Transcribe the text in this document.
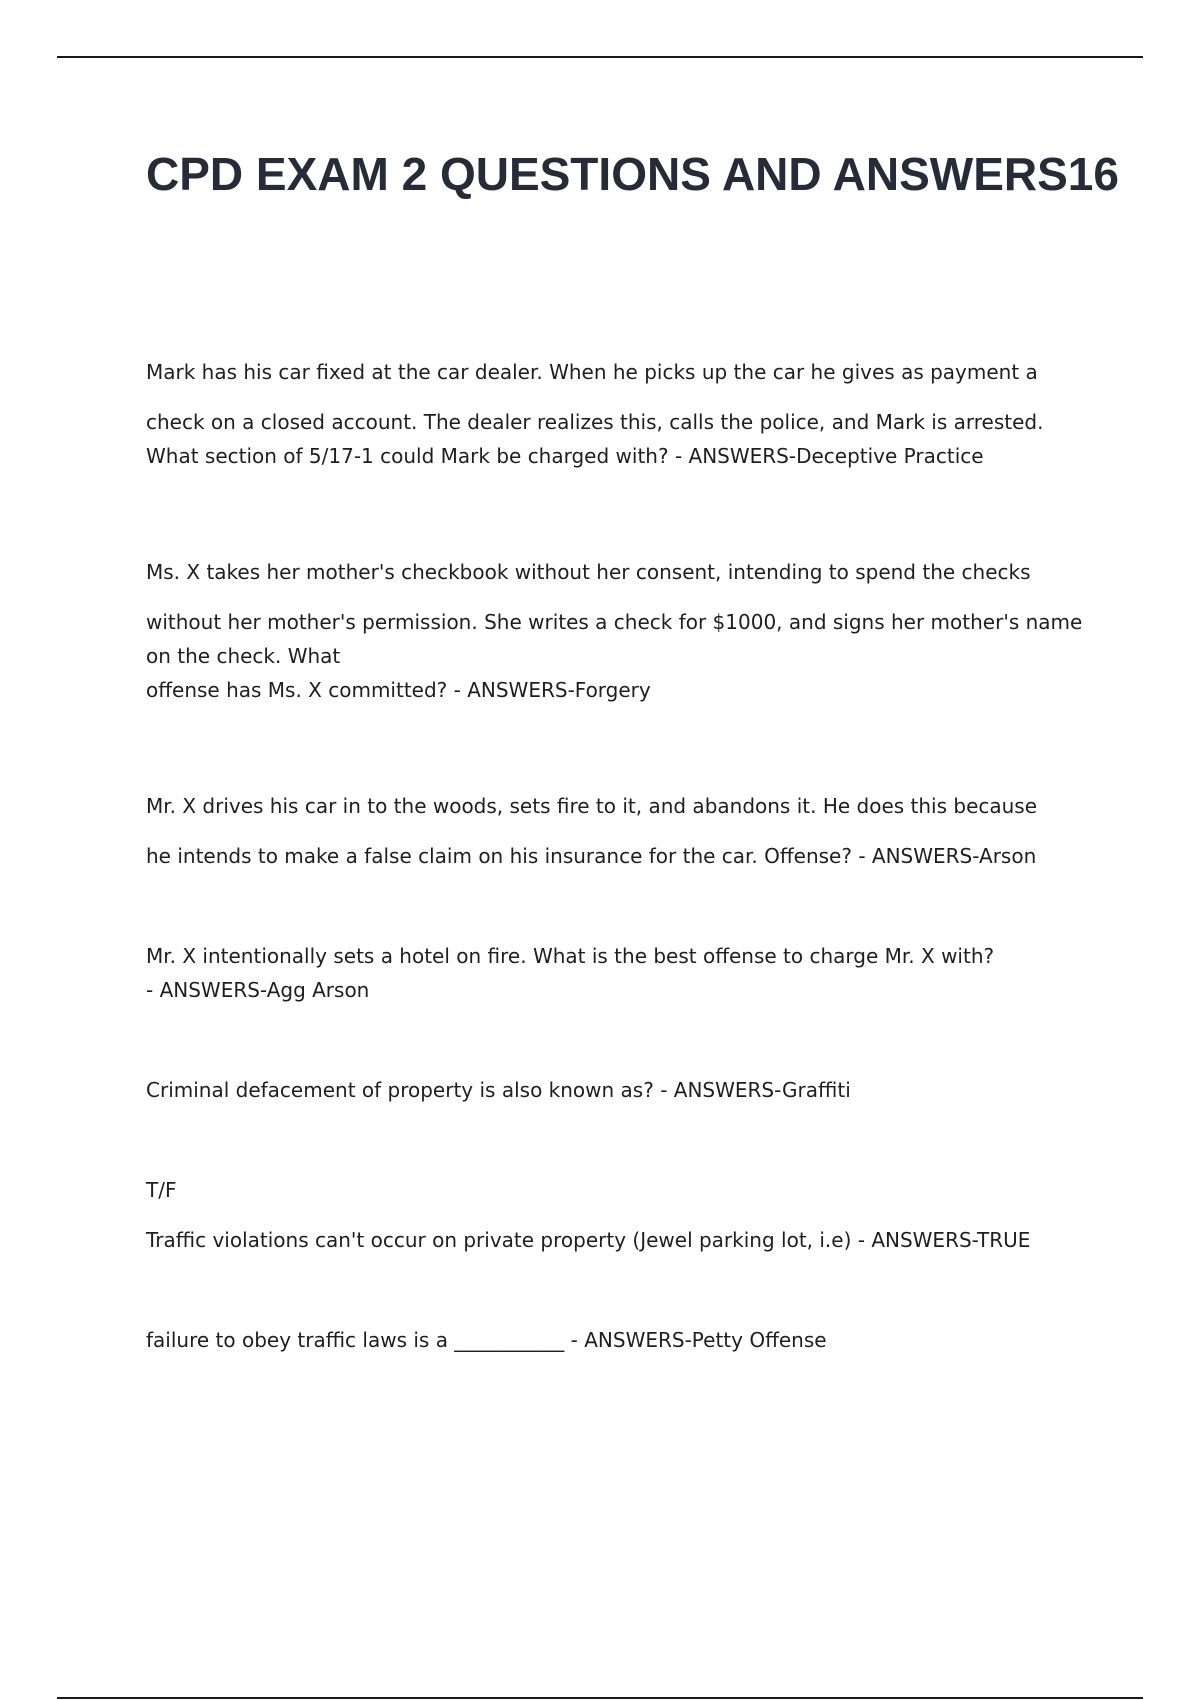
CPD EXAM 2 QUESTIONS AND ANSWERS16
Mark has his car fixed at the car dealer. When he picks up the car he gives as payment a
check on a closed account. The dealer realizes this, calls the police, and Mark is arrested.
What section of 5/17-1 could Mark be charged with? - ANSWERS-Deceptive Practice
Ms. X takes her mother's checkbook without her consent, intending to spend the checks
without her mother's permission. She writes a check for $1000, and signs her mother's name on the check. What
offense has Ms. X committed? - ANSWERS-Forgery
Mr. X drives his car in to the woods, sets fire to it, and abandons it. He does this because
he intends to make a false claim on his insurance for the car. Offense? - ANSWERS-Arson
Mr. X intentionally sets a hotel on fire. What is the best offense to charge Mr. X with? - ANSWERS-Agg Arson
Criminal defacement of property is also known as? - ANSWERS-Graffiti
T/F
Traffic violations can't occur on private property (Jewel parking lot, i.e) - ANSWERS-TRUE
failure to obey traffic laws is a ___________ - ANSWERS-Petty Offense
